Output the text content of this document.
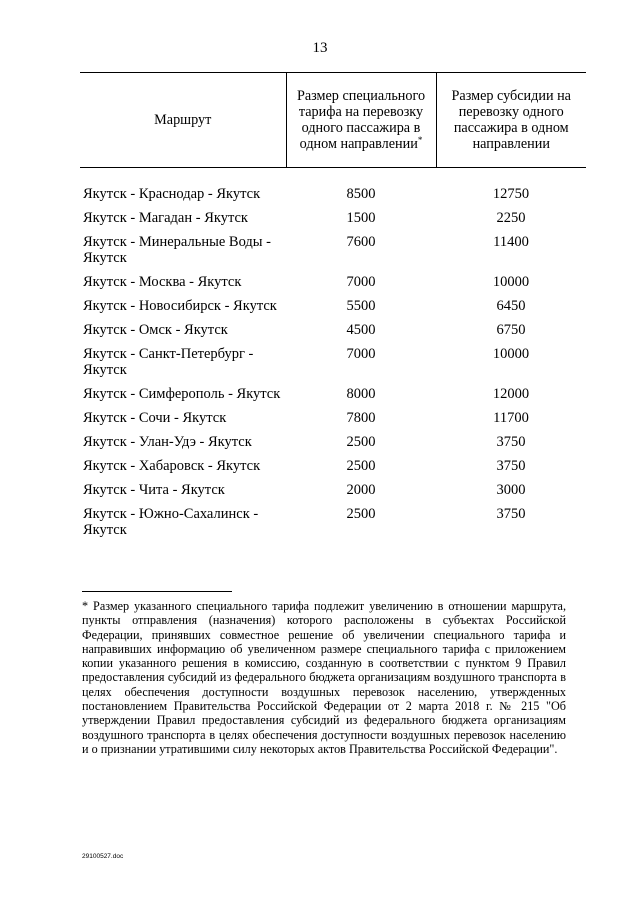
13
Маршрут	Размер специального тарифа на перевозку одного пассажира в одном направлении*	Размер субсидии на перевозку одного пассажира в одном направлении
Якутск - Краснодар - Якутск	8500	12750
Якутск - Магадан - Якутск	1500	2250
Якутск - Минеральные Воды - Якутск	7600	11400
Якутск - Москва - Якутск	7000	10000
Якутск - Новосибирск - Якутск	5500	6450
Якутск - Омск - Якутск	4500	6750
Якутск - Санкт-Петербург - Якутск	7000	10000
Якутск - Симферополь - Якутск	8000	12000
Якутск - Сочи - Якутск	7800	11700
Якутск - Улан-Удэ - Якутск	2500	3750
Якутск - Хабаровск - Якутск	2500	3750
Якутск - Чита - Якутск	2000	3000
Якутск - Южно-Сахалинск - Якутск	2500	3750
* Размер указанного специального тарифа подлежит увеличению в отношении маршрута, пункты отправления (назначения) которого расположены в субъектах Российской Федерации, принявших совместное решение об увеличении специального тарифа и направивших информацию об увеличенном размере специального тарифа с приложением копии указанного решения в комиссию, созданную в соответствии с пунктом 9 Правил предоставления субсидий из федерального бюджета организациям воздушного транспорта в целях обеспечения доступности воздушных перевозок населению, утвержденных постановлением Правительства Российской Федерации от 2 марта 2018 г. № 215 "Об утверждении Правил предоставления субсидий из федерального бюджета организациям воздушного транспорта в целях обеспечения доступности воздушных перевозок населению и о признании утратившими силу некоторых актов Правительства Российской Федерации".
29100527.doc
